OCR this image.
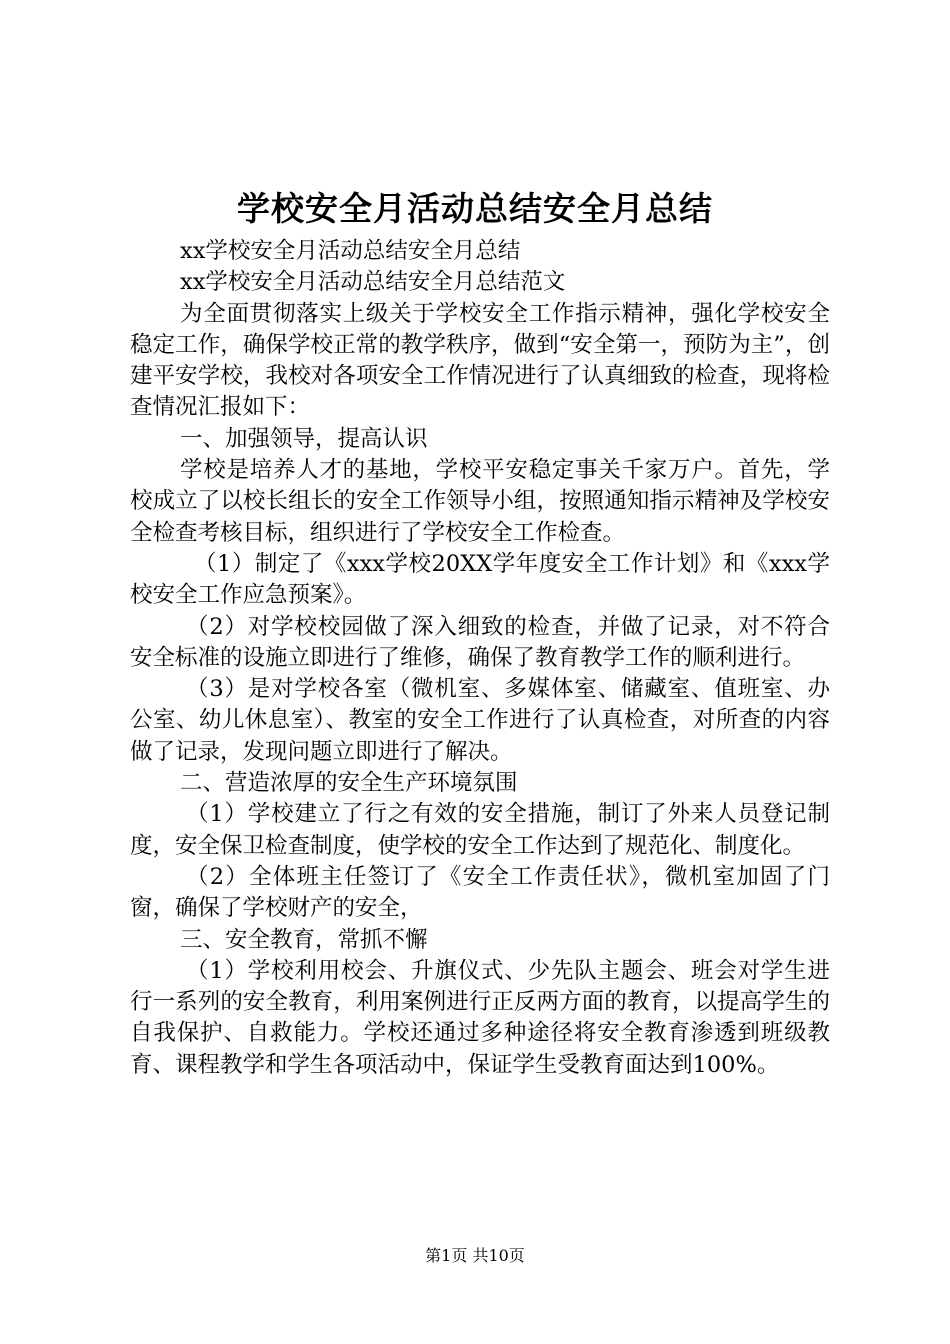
学校安全月活动总结安全月总结

xx学校安全月活动总结安全月总结

xx学校安全月活动总结安全月总结范文

为全面贯彻落实上级关于学校安全工作指示精神，强化学校安全稳定工作，确保学校正常的教学秩序，做到“安全第一，预防为主”，创建平安学校，我校对各项安全工作情况进行了认真细致的检查，现将检查情况汇报如下：

一、加强领导，提高认识

学校是培养人才的基地，学校平安稳定事关千家万户。首先，学校成立了以校长组长的安全工作领导小组，按照通知指示精神及学校安全检查考核目标，组织进行了学校安全工作检查。

（1）制定了《xxx学校20XX学年度安全工作计划》和《xxx学校安全工作应急预案》。

（2）对学校校园做了深入细致的检查，并做了记录，对不符合安全标准的设施立即进行了维修，确保了教育教学工作的顺利进行。

（3）是对学校各室（微机室、多媒体室、储藏室、值班室、办公室、幼儿休息室）、教室的安全工作进行了认真检查，对所查的内容做了记录，发现问题立即进行了解决。

二、营造浓厚的安全生产环境氛围

（1）学校建立了行之有效的安全措施，制订了外来人员登记制度，安全保卫检查制度，使学校的安全工作达到了规范化、制度化。

（2）全体班主任签订了《安全工作责任状》，微机室加固了门窗，确保了学校财产的安全，

三、安全教育，常抓不懈

（1）学校利用校会、升旗仪式、少先队主题会、班会对学生进行一系列的安全教育，利用案例进行正反两方面的教育，以提高学生的自我保护、自救能力。学校还通过多种途径将安全教育渗透到班级教育、课程教学和学生各项活动中，保证学生受教育面达到100%。

第1页 共10页
